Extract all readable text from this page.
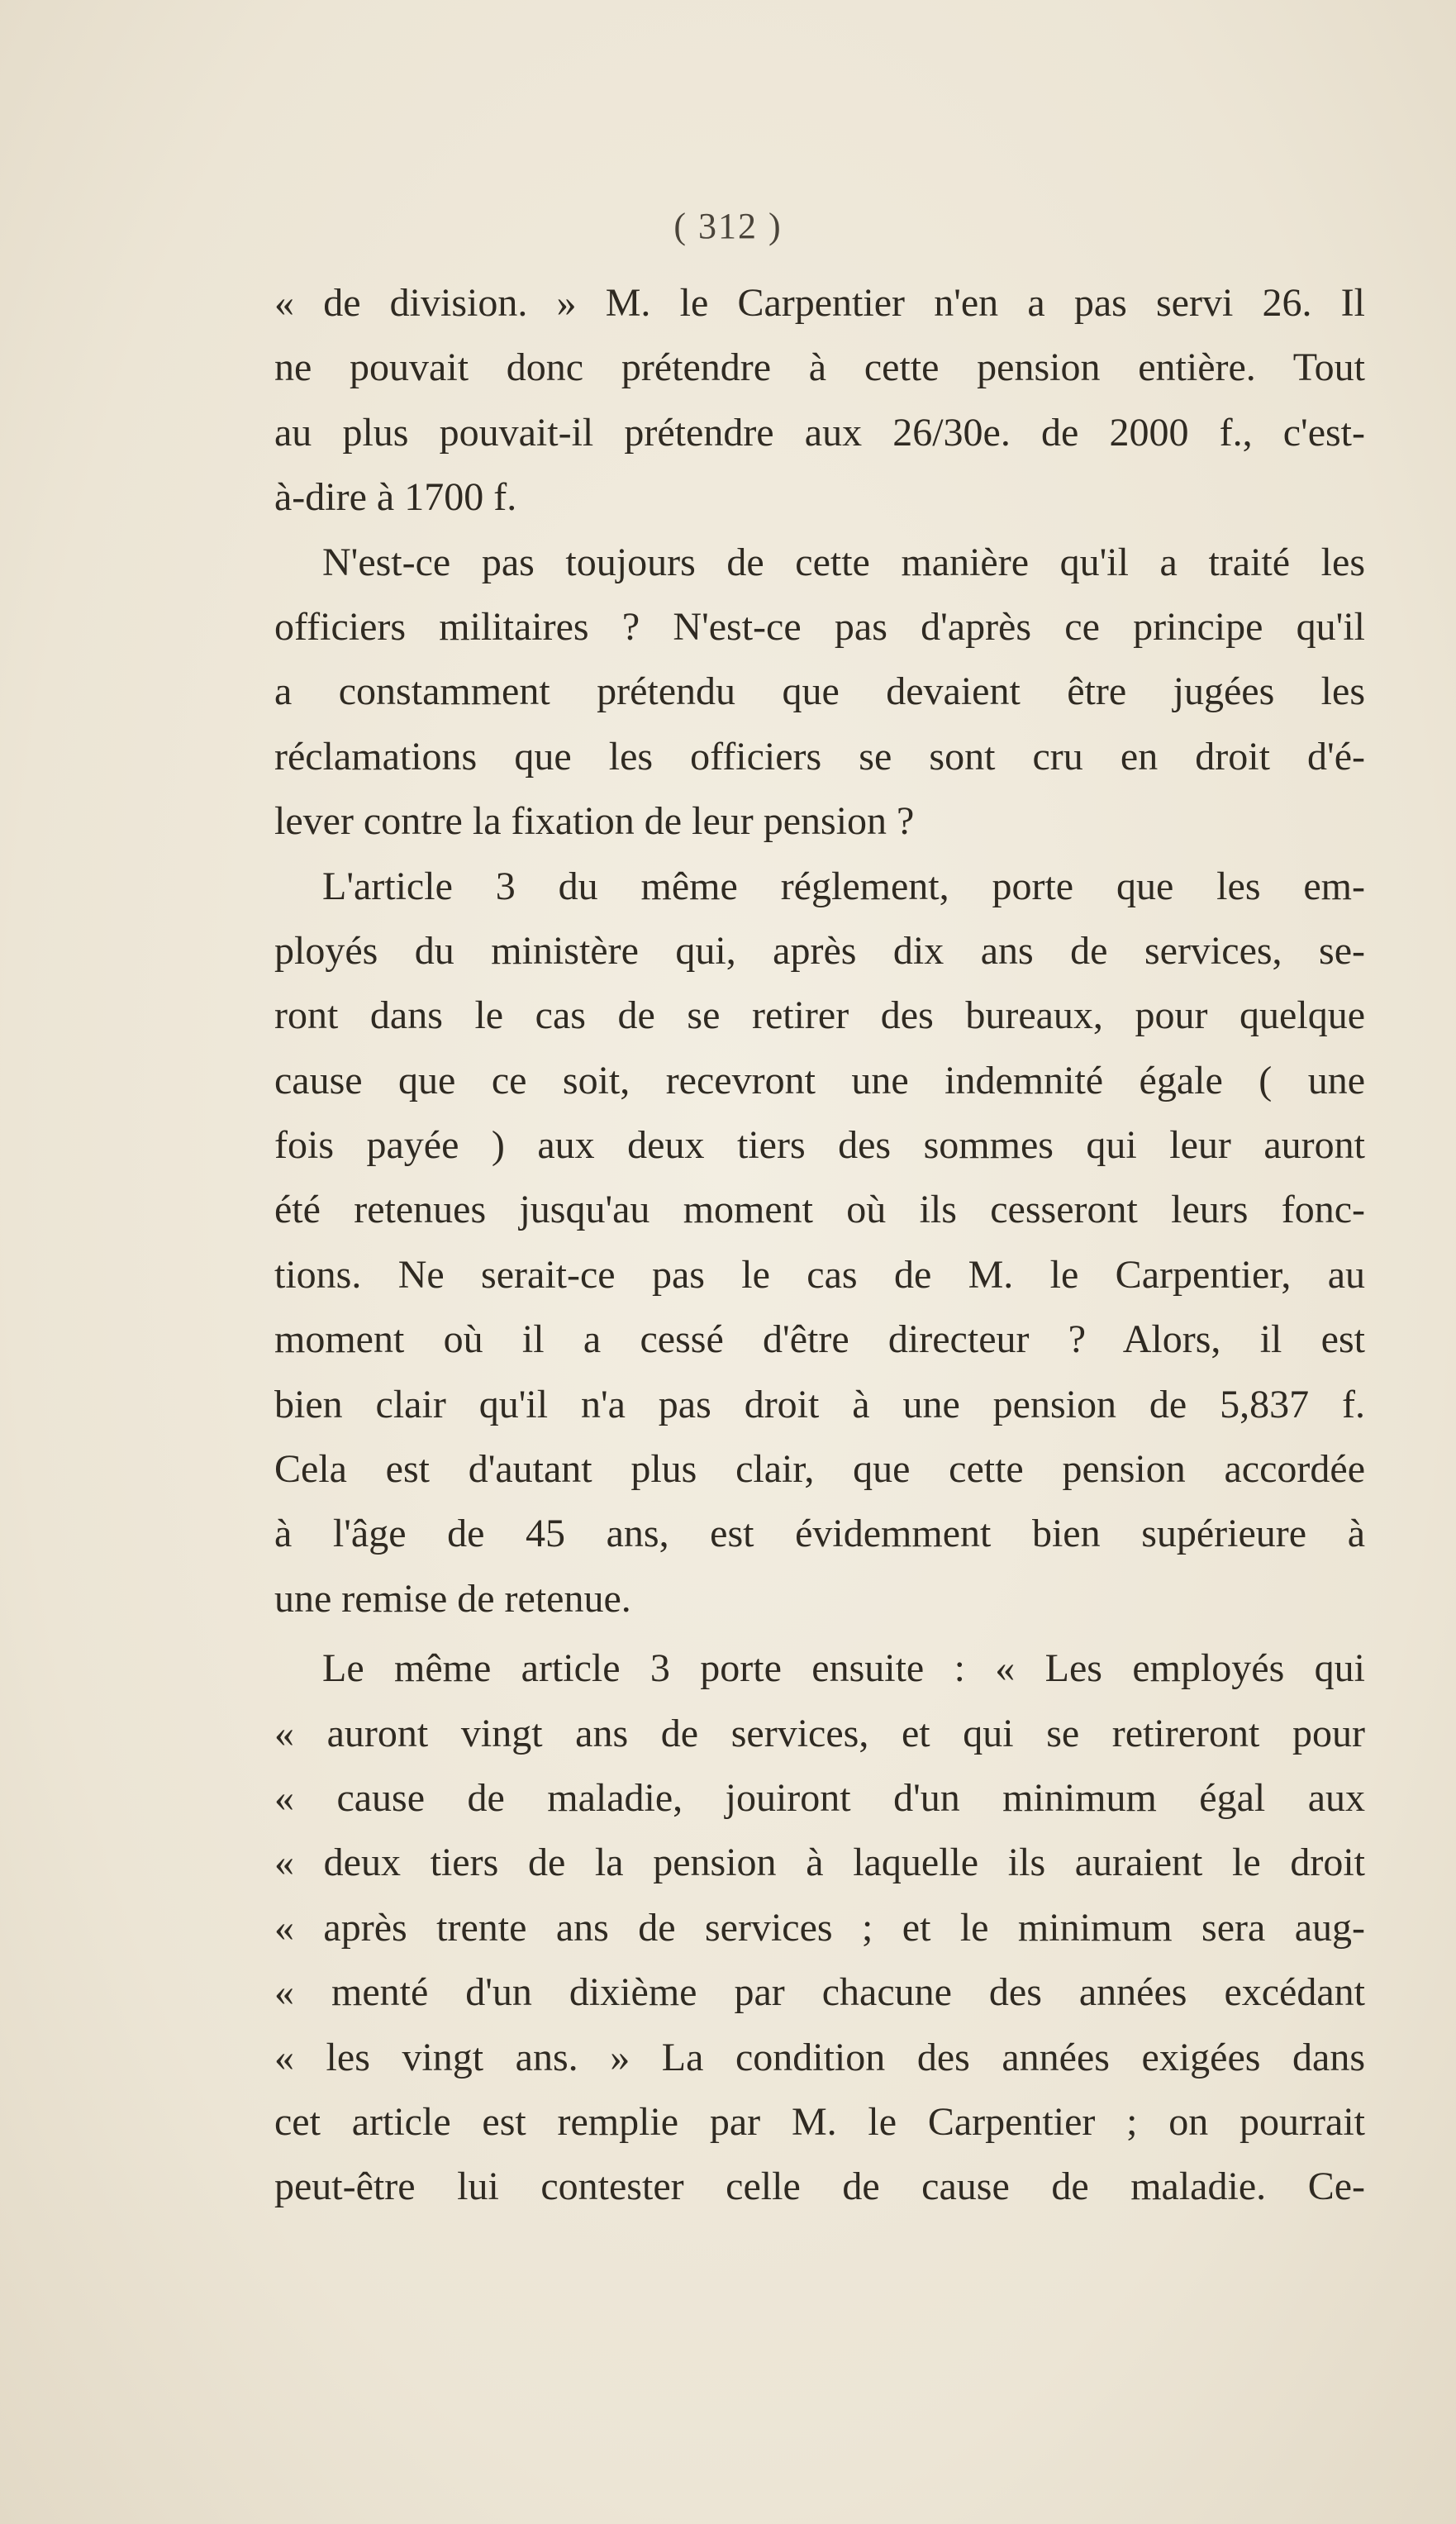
( 312 )
« de division. » M. le Carpentier n'en a pas servi 26. Il
ne pouvait donc prétendre à cette pension entière. Tout
au plus pouvait-il prétendre aux 26/30e. de 2000 f., c'est-
à-dire à 1700 f.
N'est-ce pas toujours de cette manière qu'il a traité les
officiers militaires ? N'est-ce pas d'après ce principe qu'il
a constamment prétendu que devaient être jugées les
réclamations que les officiers se sont cru en droit d'é-
lever contre la fixation de leur pension ?
L'article 3 du même réglement, porte que les em-
ployés du ministère qui, après dix ans de services, se-
ront dans le cas de se retirer des bureaux, pour quelque
cause que ce soit, recevront une indemnité égale ( une
fois payée ) aux deux tiers des sommes qui leur auront
été retenues jusqu'au moment où ils cesseront leurs fonc-
tions. Ne serait-ce pas le cas de M. le Carpentier, au
moment où il a cessé d'être directeur ? Alors, il est
bien clair qu'il n'a pas droit à une pension de 5,837 f.
Cela est d'autant plus clair, que cette pension accordée
à l'âge de 45 ans, est évidemment bien supérieure à
une remise de retenue.
Le même article 3 porte ensuite : « Les employés qui
« auront vingt ans de services, et qui se retireront pour
« cause de maladie, jouiront d'un minimum égal aux
« deux tiers de la pension à laquelle ils auraient le droit
« après trente ans de services ; et le minimum sera aug-
« menté d'un dixième par chacune des années excédant
« les vingt ans. » La condition des années exigées dans
cet article est remplie par M. le Carpentier ; on pourrait
peut-être lui contester celle de cause de maladie. Ce-
